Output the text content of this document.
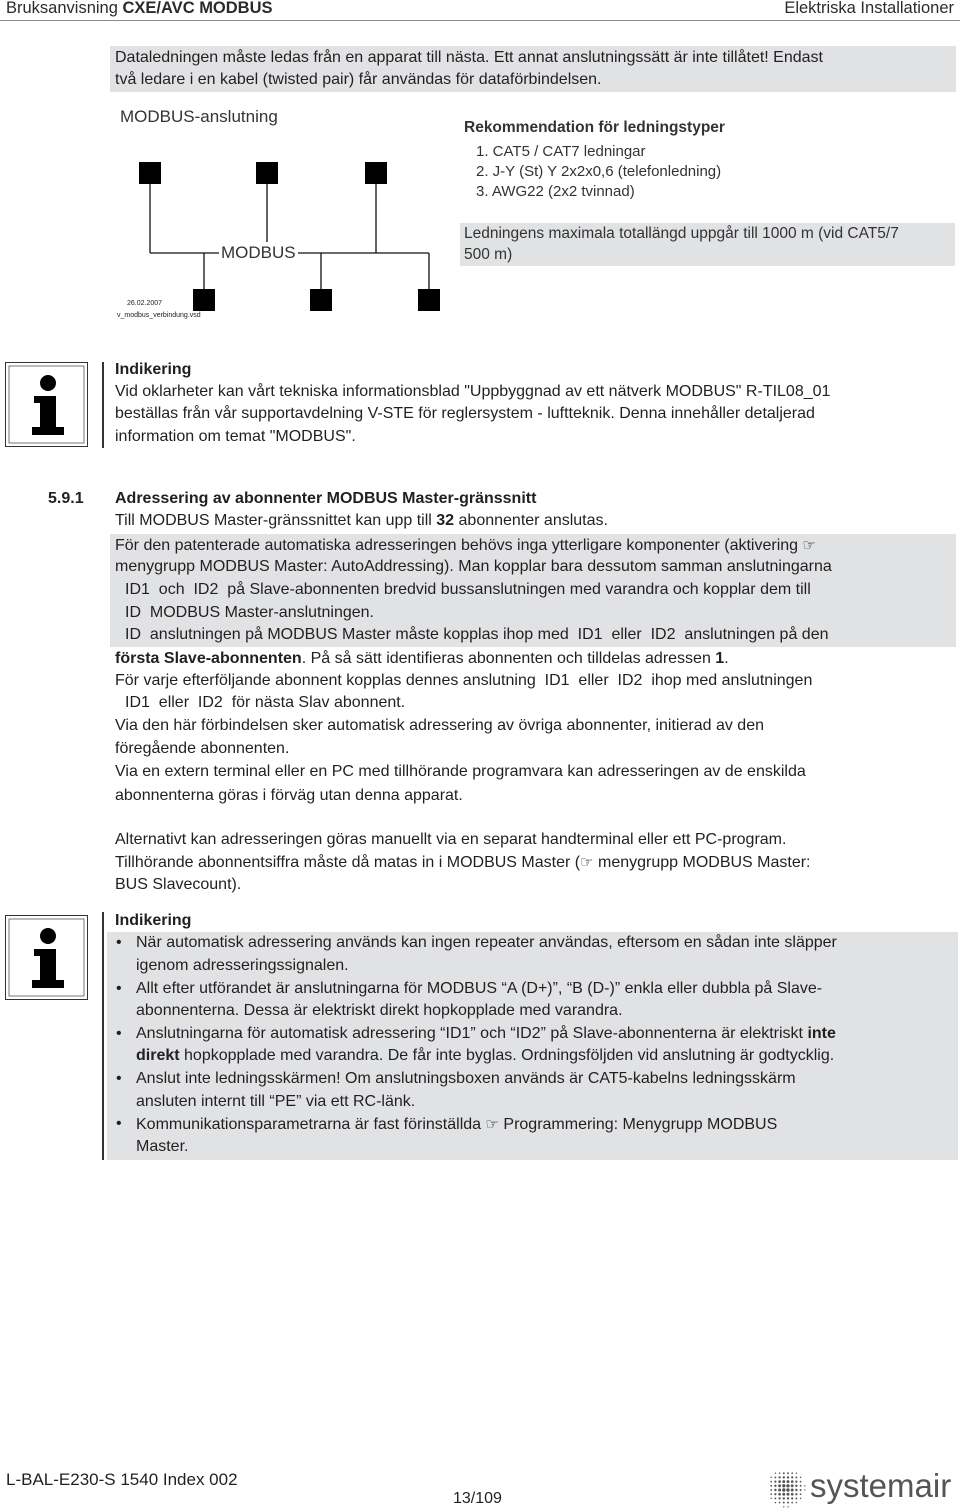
Bruksanvisning CXE/AVC MODBUS	Elektriska Installationer
Dataledningen måste ledas från en apparat till nästa. Ett annat anslutningssätt är inte tillåtet! Endast
två ledare i en kabel (twisted pair) får användas för dataförbindelsen.
MODBUS-anslutning
MODBUS
26.02.2007
v_modbus_verbindung.vsd
Rekommendation för ledningstyper
1. CAT5 / CAT7 ledningar
2. J-Y (St) Y 2x2x0,6 (telefonledning)
3. AWG22 (2x2 tvinnad)
Ledningens maximala totallängd uppgår till 1000 m (vid CAT5/7
500 m)
Indikering
Vid oklarheter kan vårt tekniska informationsblad "Uppbyggnad av ett nätverk MODBUS" R-TIL08_01
beställas från vår supportavdelning V-STE för reglersystem - luftteknik. Denna innehåller detaljerad
information om temat "MODBUS".
5.9.1 Adressering av abonnenter MODBUS Master-gränssnitt
Till MODBUS Master-gränssnittet kan upp till 32 abonnenter anslutas.
För den patenterade automatiska adresseringen behövs inga ytterligare komponenter (aktivering ☞
menygrupp MODBUS Master: AutoAddressing). Man kopplar bara dessutom samman anslutningarna
ID1  och  ID2  på Slave-abonnenten bredvid bussanslutningen med varandra och kopplar dem till
ID  MODBUS Master-anslutningen.
ID  anslutningen på MODBUS Master måste kopplas ihop med  ID1  eller  ID2  anslutningen på den
första Slave-abonnenten. På så sätt identifieras abonnenten och tilldelas adressen 1.
För varje efterföljande abonnent kopplas dennes anslutning  ID1  eller  ID2  ihop med anslutningen
ID1  eller  ID2  för nästa Slav abonnent.
Via den här förbindelsen sker automatisk adressering av övriga abonnenter, initierad av den
föregående abonnenten.
Via en extern terminal eller en PC med tillhörande programvara kan adresseringen av de enskilda
abonnenterna göras i förväg utan denna apparat.
Alternativt kan adresseringen göras manuellt via en separat handterminal eller ett PC-program.
Tillhörande abonnentsiffra måste då matas in i MODBUS Master (☞ menygrupp MODBUS Master:
BUS Slavecount).
Indikering
• När automatisk adressering används kan ingen repeater användas, eftersom en sådan inte släpper
igenom adresseringssignalen.
• Allt efter utförandet är anslutningarna för MODBUS “A (D+)”, “B (D-)” enkla eller dubbla på Slave-
abonnenterna. Dessa är elektriskt direkt hopkopplade med varandra.
• Anslutningarna för automatisk adressering “ID1” och “ID2” på Slave-abonnenterna är elektriskt inte
direkt hopkopplade med varandra. De får inte byglas. Ordningsföljden vid anslutning är godtycklig.
• Anslut inte ledningsskärmen! Om anslutningsboxen används är CAT5-kabelns ledningsskärm
ansluten internt till “PE” via ett RC-länk.
• Kommunikationsparametrarna är fast förinställda ☞ Programmering: Menygrupp MODBUS
Master.
L-BAL-E230-S 1540 Index 002
13/109	systemair
